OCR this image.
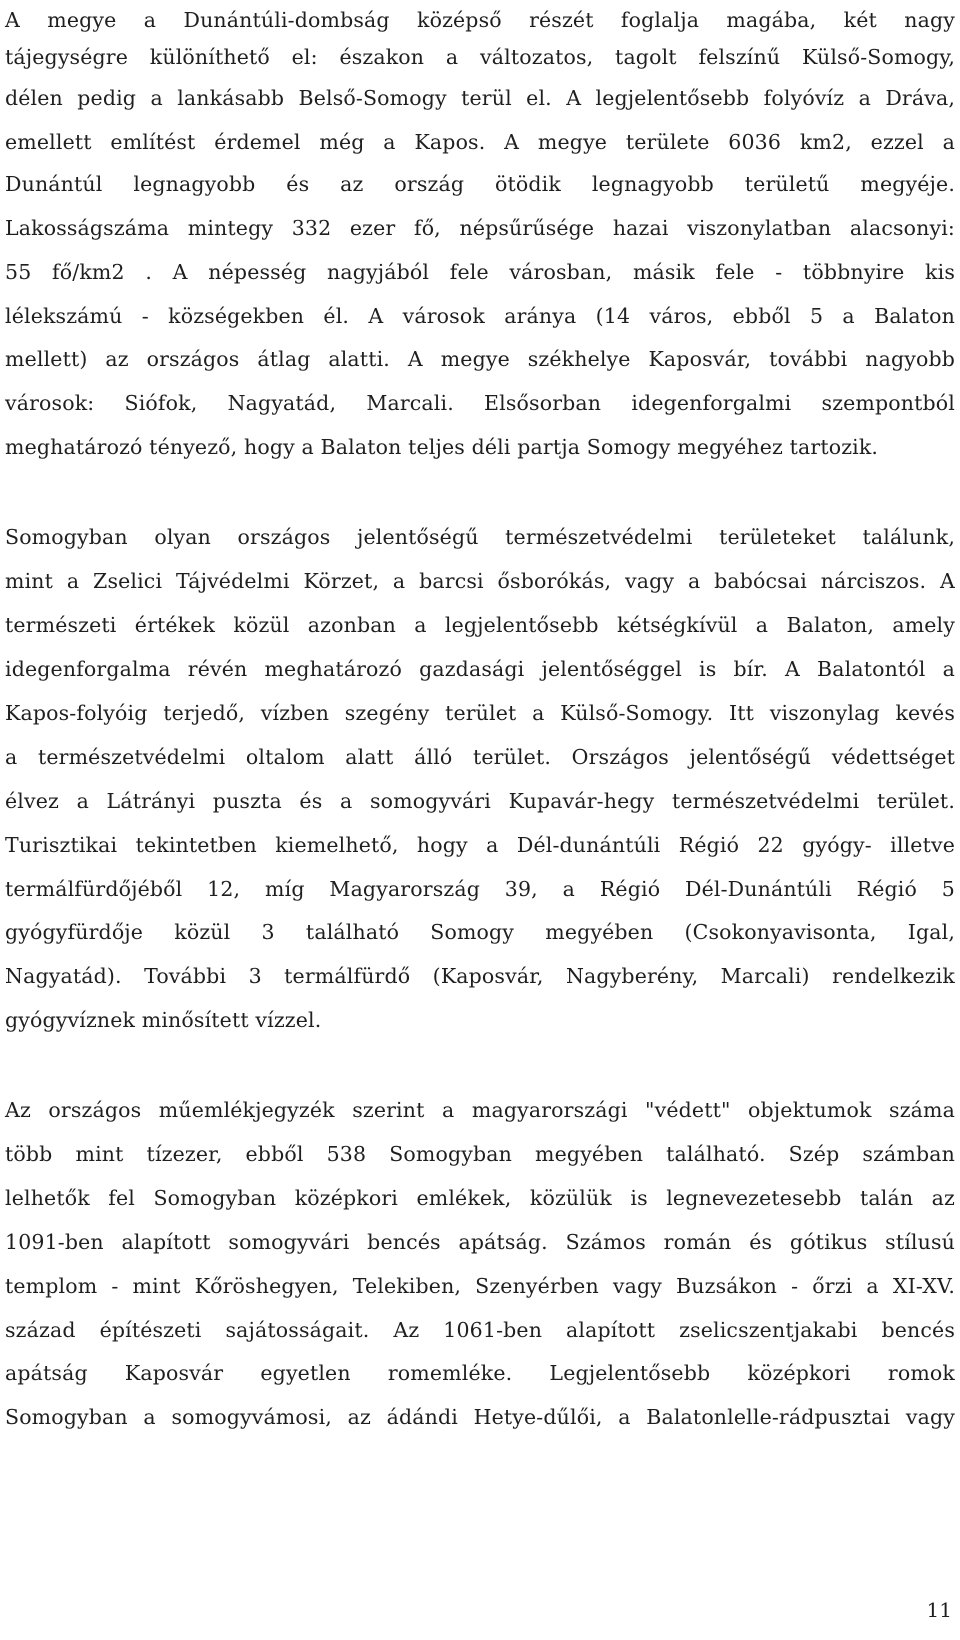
A megye a Dunántúli-dombság középső részét foglalja magába, két nagy
tájegységre különíthető el: északon a változatos, tagolt felszínű Külső-Somogy,
délen pedig a lankásabb Belső-Somogy terül el. A legjelentősebb folyóvíz a Dráva,
emellett említést érdemel még a Kapos. A megye területe 6036 km2, ezzel a
Dunántúl legnagyobb és az ország ötödik legnagyobb területű megyéje.
Lakosságszáma mintegy 332 ezer fő, népsűrűsége hazai viszonylatban alacsonyi:
55 fő/km2 . A népesség nagyjából fele városban, másik fele - többnyire kis
lélekszámú - községekben él. A városok aránya (14 város, ebből 5 a Balaton
mellett) az országos átlag alatti. A megye székhelye Kaposvár, további nagyobb
városok: Siófok, Nagyatád, Marcali. Elsősorban idegenforgalmi szempontból
meghatározó tényező, hogy a Balaton teljes déli partja Somogy megyéhez tartozik.
Somogyban olyan országos jelentőségű természetvédelmi területeket találunk,
mint a Zselici Tájvédelmi Körzet, a barcsi ősborókás, vagy a babócsai nárciszos. A
természeti értékek közül azonban a legjelentősebb kétségkívül a Balaton, amely
idegenforgalma révén meghatározó gazdasági jelentőséggel is bír. A Balatontól a
Kapos-folyóig terjedő, vízben szegény terület a Külső-Somogy. Itt viszonylag kevés
a természetvédelmi oltalom alatt álló terület. Országos jelentőségű védettséget
élvez a Látrányi puszta és a somogyvári Kupavár-hegy természetvédelmi terület.
Turisztikai tekintetben kiemelhető, hogy a Dél-dunántúli Régió 22 gyógy- illetve
termálfürdőjéből 12, míg Magyarország 39, a Régió Dél-Dunántúli Régió 5
gyógyfürdője közül 3 található Somogy megyében (Csokonyavisonta, Igal,
Nagyatád). További 3 termálfürdő (Kaposvár, Nagyberény, Marcali) rendelkezik
gyógyvíznek minősített vízzel.
Az országos műemlékjegyzék szerint a magyarországi "védett" objektumok száma
több mint tízezer, ebből 538 Somogyban megyében található. Szép számban
lelhetők fel Somogyban középkori emlékek, közülük is legnevezetesebb talán az
1091-ben alapított somogyvári bencés apátság. Számos román és gótikus stílusú
templom - mint Kőröshegyen, Telekiben, Szenyérben vagy Buzsákon - őrzi a XI-XV.
század építészeti sajátosságait. Az 1061-ben alapított zselicszentjakabi bencés
apátság Kaposvár egyetlen romemléke. Legjelentősebb középkori romok
Somogyban a somogyvámosi, az ádándi Hetye-dűlői, a Balatonlelle-rádpusztai vagy
11
